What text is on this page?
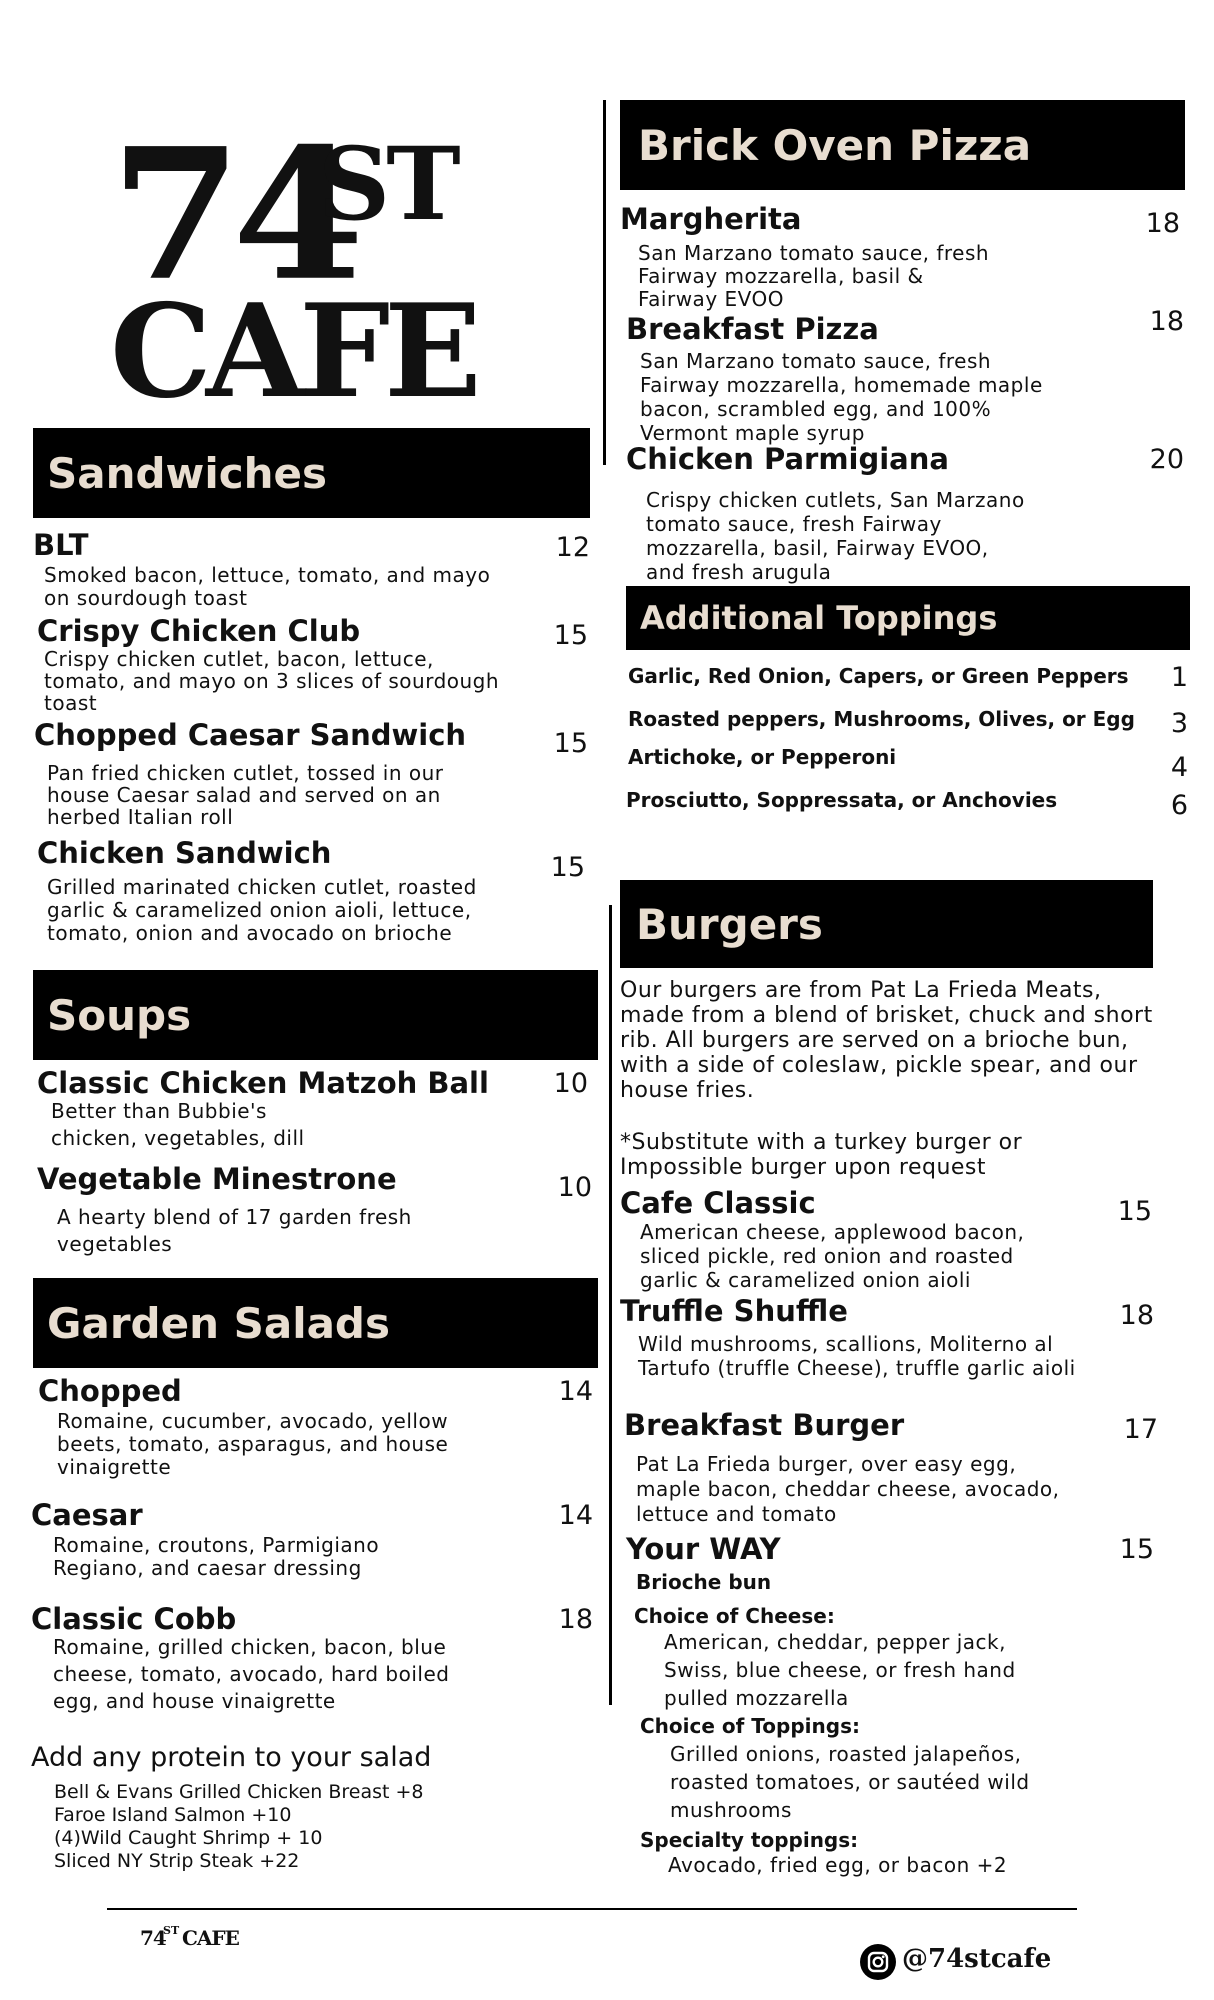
74
ST
CAFE
Sandwiches
BLT	12
Smoked bacon, lettuce, tomato, and mayo on sourdough toast
Crispy Chicken Club	15
Crispy chicken cutlet, bacon, lettuce, tomato, and mayo on 3 slices of sourdough toast
Chopped Caesar Sandwich	15
Pan fried chicken cutlet, tossed in our house Caesar salad and served on an herbed Italian roll
Chicken Sandwich	15
Grilled marinated chicken cutlet, roasted garlic & caramelized onion aioli, lettuce, tomato, onion and avocado on brioche
Soups
Classic Chicken Matzoh Ball 10
Better than Bubbie's
chicken, vegetables, dill
Vegetable Minestrone	10
A hearty blend of 17 garden fresh vegetables
Garden Salads
Chopped	14
Romaine, cucumber, avocado, yellow beets, tomato, asparagus, and house vinaigrette
Caesar	14
Romaine, croutons, Parmigiano Regiano, and caesar dressing
Classic Cobb	18
Romaine, grilled chicken, bacon, blue cheese, tomato, avocado, hard boiled egg, and house vinaigrette
Add any protein to your salad
Bell & Evans Grilled Chicken Breast +8
Faroe Island Salmon +10
(4)Wild Caught Shrimp + 10
Sliced NY Strip Steak +22
Brick Oven Pizza
Margherita	18
San Marzano tomato sauce, fresh Fairway mozzarella, basil & Fairway EVOO
Breakfast Pizza	18
San Marzano tomato sauce, fresh Fairway mozzarella, homemade maple bacon, scrambled egg, and 100% Vermont maple syrup
Chicken Parmigiana	20
Crispy chicken cutlets, San Marzano tomato sauce, fresh Fairway mozzarella, basil, Fairway EVOO, and fresh arugula
Additional Toppings
Garlic, Red Onion, Capers, or Green Peppers	1
Roasted peppers, Mushrooms, Olives, or Egg	3
Artichoke, or Pepperoni	4
Prosciutto, Soppressata, or Anchovies	6
Burgers
Our burgers are from Pat La Frieda Meats, made from a blend of brisket, chuck and short rib. All burgers are served on a brioche bun, with a side of coleslaw, pickle spear, and our house fries.
*Substitute with a turkey burger or Impossible burger upon request
Cafe Classic	15
American cheese, applewood bacon, sliced pickle, red onion and roasted garlic & caramelized onion aioli
Truffle Shuffle	18
Wild mushrooms, scallions, Moliterno al Tartufo (truffle Cheese), truffle garlic aioli
Breakfast Burger	17
Pat La Frieda burger, over easy egg, maple bacon, cheddar cheese, avocado, lettuce and tomato
Your WAY	15
Brioche bun
Choice of Cheese:
American, cheddar, pepper jack, Swiss, blue cheese, or fresh hand pulled mozzarella
Choice of Toppings:
Grilled onions, roasted jalapeños, roasted tomatoes, or sautéed wild mushrooms
Specialty toppings:
Avocado, fried egg, or bacon +2
74
ST CAFE
@74stcafe
